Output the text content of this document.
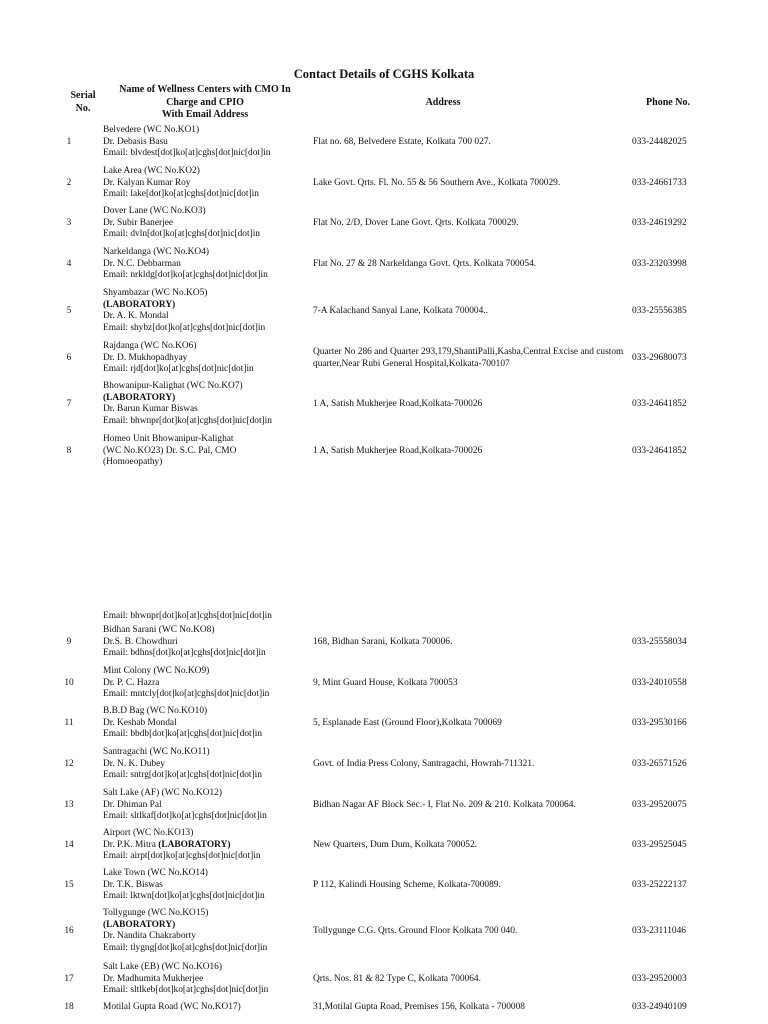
Contact Details of CGHS Kolkata
Serial
No.
Name of Wellness Centers with CMO In
Charge and CPIO
With Email Address
Address	Phone No.
1
Belvedere (WC No.KO1)
Dr. Debasis Basu
Email: blvdest[dot]ko[at]cghs[dot]nic[dot]in
Flat no. 68, Belvedere Estate, Kolkata 700 027.	033-24482025
2
Lake Area (WC No.KO2)
Dr. Kalyan Kumar Roy
Email: lake[dot]ko[at]cghs[dot]nic[dot]in
Lake Govt. Qrts. Fl. No. 55 & 56 Southern Ave., Kolkata 700029.	033-24661733
3
Dover Lane (WC No.KO3)
Dr. Subir Banerjee
Email: dvln[dot]ko[at]cghs[dot]nic[dot]in
Flat No. 2/D, Dover Lane Govt. Qrts. Kolkata 700029.	033-24619292
4
Narkeldanga (WC No.KO4)
Dr. N.C. Debbarman
Email: nrkldg[dot]ko[at]cghs[dot]nic[dot]in
Flat No. 27 & 28 Narkeldanga Govt. Qrts. Kolkata 700054.	033-23203998
5
Shyambazar (WC No.KO5)
(LABORATORY)
Dr. A. K. Mondal
Email: shybz[dot]ko[at]cghs[dot]nic[dot]in
7-A Kalachand Sanyal Lane, Kolkata 700004..	033-25556385
6
Rajdanga (WC No.KO6)
Dr. D. Mukhopadhyay
Email: rjd[dot]ko[at]cghs[dot]nic[dot]in
Quarter No 286 and Quarter 293,179,ShantiPalli,Kasba,Central Excise and custom quarter,Near Rubi General Hospital,Kolkata-700107
033-29680073
7
Bhowanipur-Kalighat (WC No.KO7)
(LABORATORY)
Dr. Barun Kumar Biswas
Email: bhwnpr[dot]ko[at]cghs[dot]nic[dot]in
1 A, Satish Mukherjee Road,Kolkata-700026	033-24641852
8
Homeo Unit Bhowanipur-Kalighat
(WC No.KO23) Dr. S.C. Pal, CMO
(Homoeopathy)
1 A, Satish Mukherjee Road,Kolkata-700026	033-24641852
Email: bhwnpr[dot]ko[at]cghs[dot]nic[dot]in
9
Bidhan Sarani (WC No.KO8)
Dr.S. B. Chowdhuri
Email: bdhns[dot]ko[at]cghs[dot]nic[dot]in
168, Bidhan Sarani, Kolkata 700006.	033-25558034
10
Mint Colony (WC No.KO9)
Dr. P. C. Hazra
Email: mntcly[dot]ko[at]cghs[dot]nic[dot]in
9, Mint Guard House, Kolkata 700053	033-24010558
11
B.B.D Bag (WC No.KO10)
Dr. Keshab Mondal
Email: bbdb[dot]ko[at]cghs[dot]nic[dot]in
5, Esplanade East (Ground Floor),Kolkata 700069	033-29530166
12
Santragachi (WC No.KO11)
Dr. N. K. Dubey
Email: sntrg[dot]ko[at]cghs[dot]nic[dot]in
Govt. of India Press Colony, Santragachi, Howrah-711321.	033-26571526
13
Salt Lake (AF) (WC No.KO12)
Dr. Dhiman Pal
Email: sltlkaf[dot]ko[at]cghs[dot]nic[dot]in
Bidhan Nagar AF Block Sec.- I, Flat No. 209 & 210. Kolkata 700064.	033-29520075
14
Airport (WC No.KO13)
Dr. P.K. Mitra (LABORATORY)
Email: airpt[dot]ko[at]cghs[dot]nic[dot]in
New Quarters, Dum Dum, Kolkata 700052.	033-29525045
15
Lake Town (WC No.KO14)
Dr. T.K. Biswas
Email: lktwn[dot]ko[at]cghs[dot]nic[dot]in
P 112, Kalindi Housing Scheme, Kolkata-700089.	033-25222137
16
Tollygunge (WC No.KO15)
(LABORATORY)
Dr. Nandita Chakraborty
Email: tlygng[dot]ko[at]cghs[dot]nic[dot]in
Tollygunge C.G. Qrts. Ground Floor Kolkata 700 040.	033-23111046
17
Salt Lake (EB) (WC No.KO16)
Dr. Madhumita Mukherjee
Email: sltlkeb[dot]ko[at]cghs[dot]nic[dot]in
Qrts. Nos. 81 & 82 Type C, Kolkata 700064.	033-29520003
18	Motilal Gupta Road (WC No.KO17)	31,Motilal Gupta Road, Premises 156, Kolkata - 700008	033-24940109
